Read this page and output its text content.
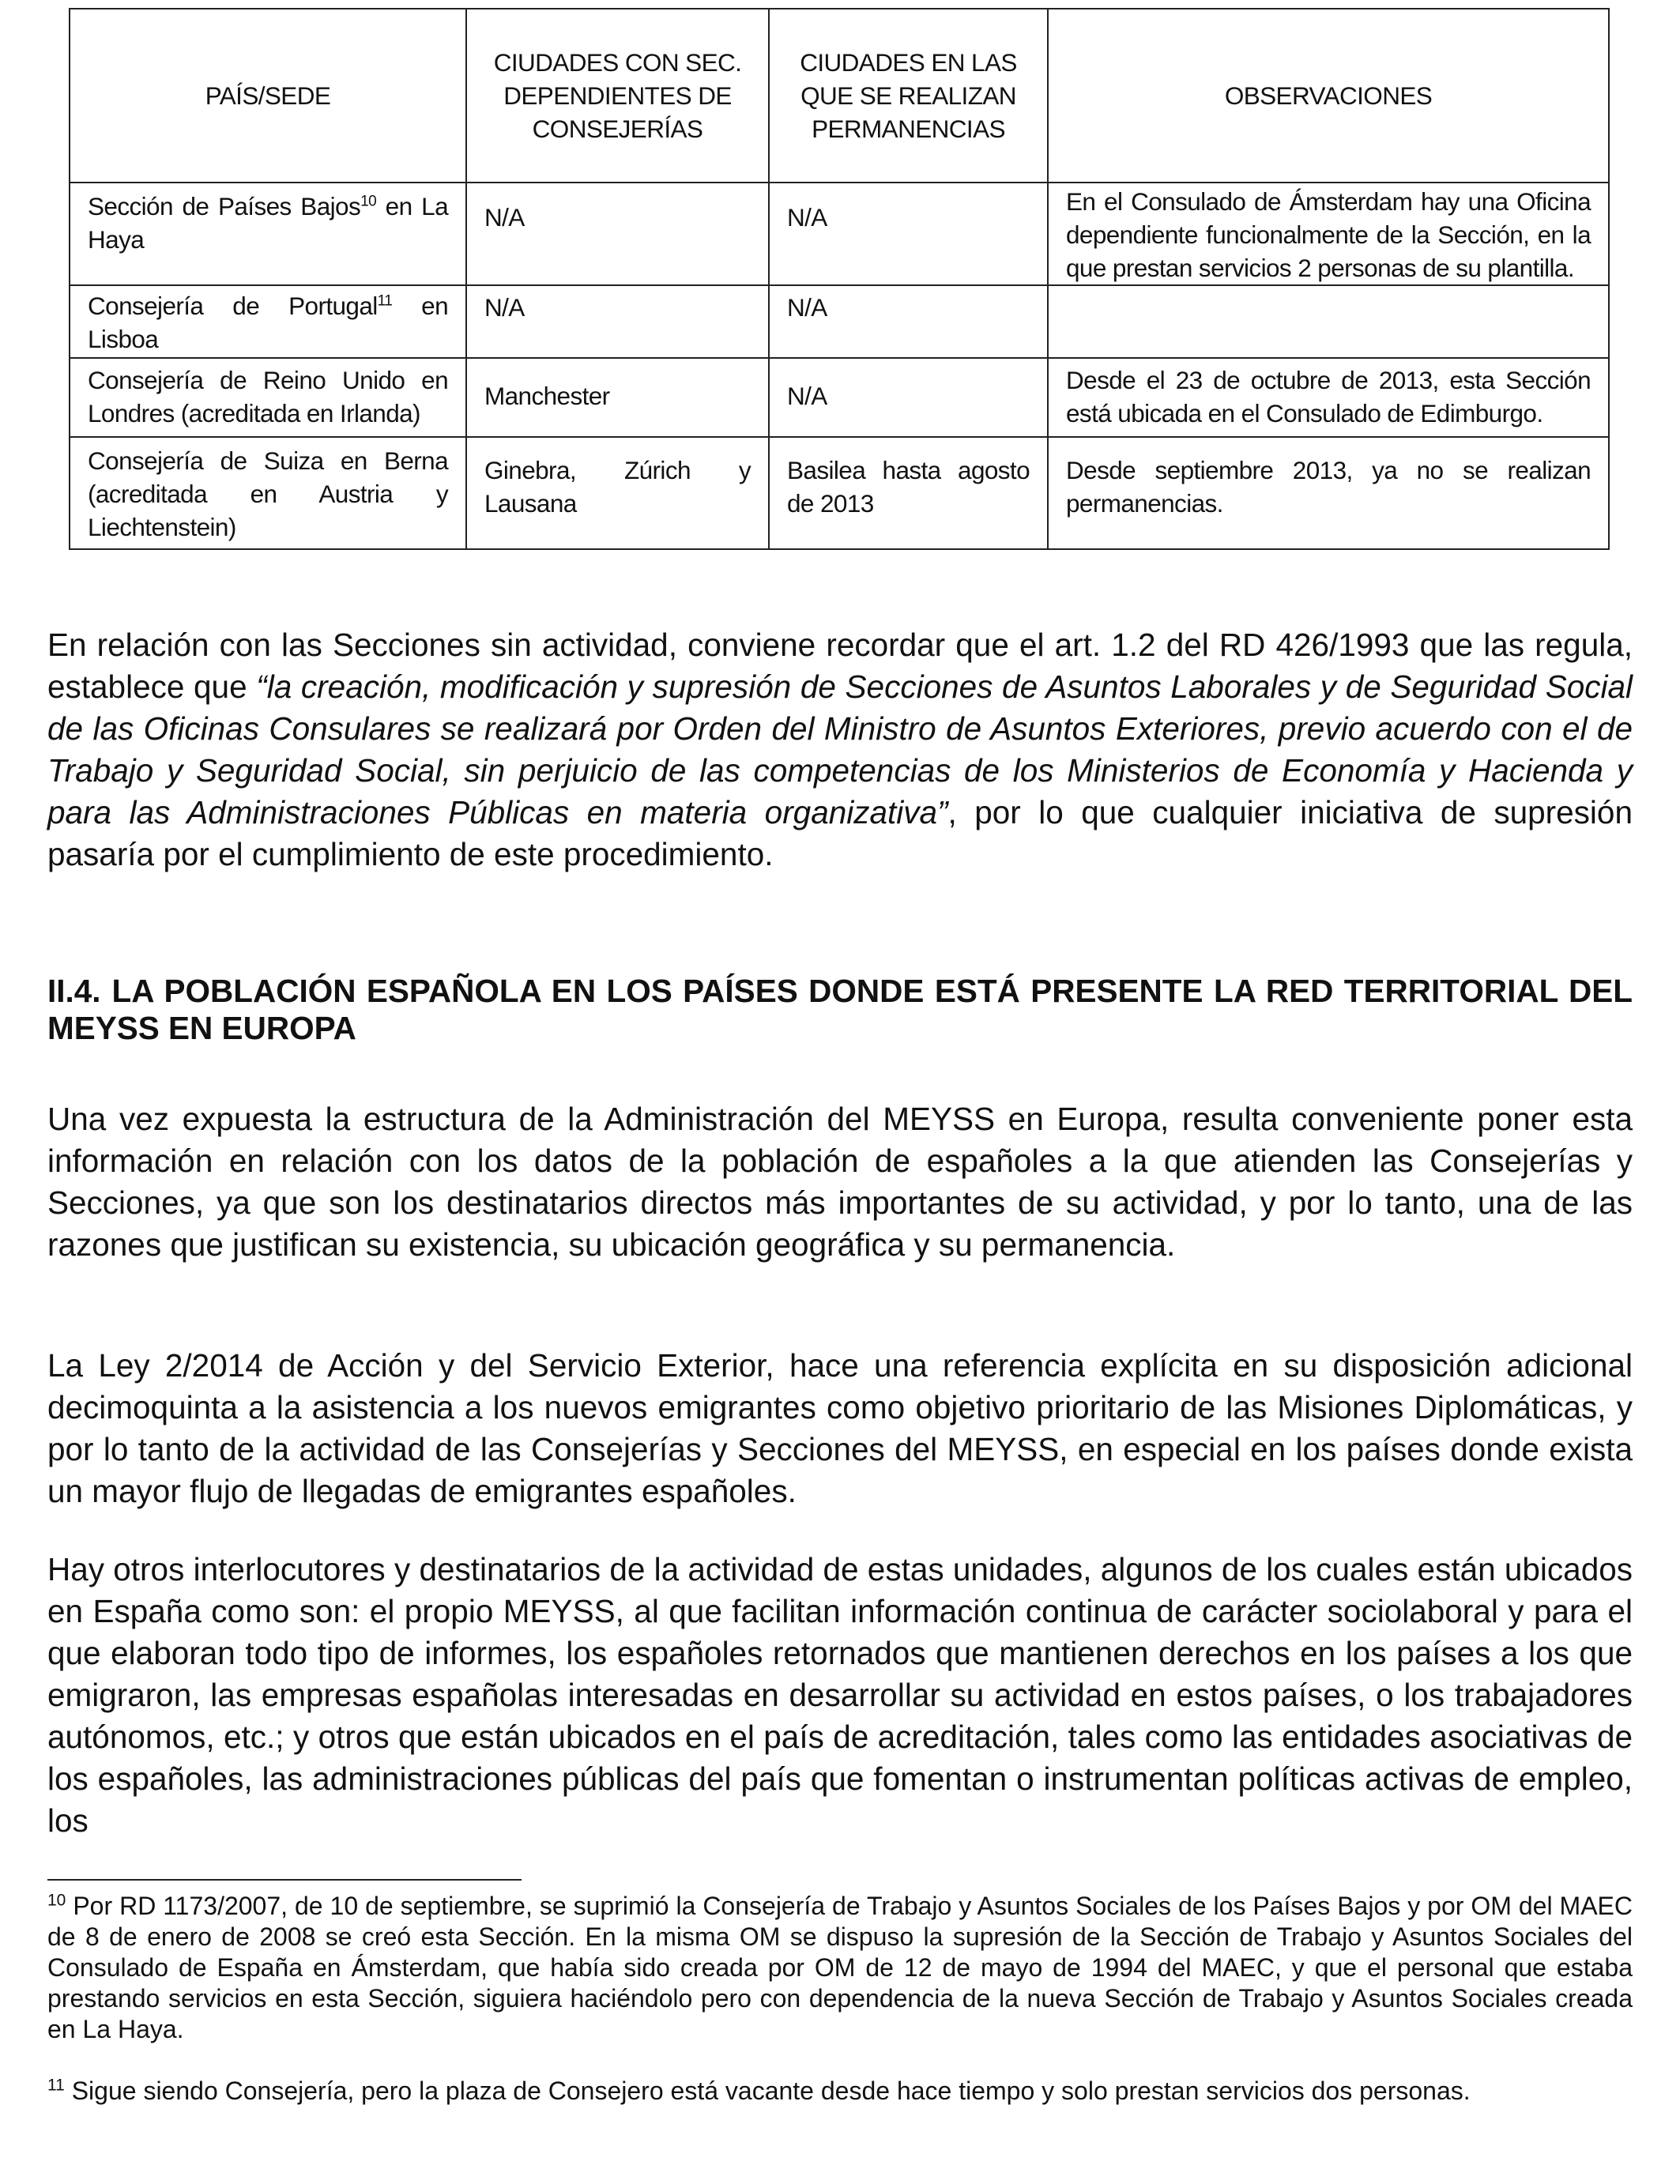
PAÍS/SEDE	CIUDADES CON SEC. DEPENDIENTES DE CONSEJERÍAS	CIUDADES EN LAS QUE SE REALIZAN PERMANENCIAS	OBSERVACIONES
Sección de Países Bajos$^{10}$ en La Haya	N/A	N/A	En el Consulado de Ámsterdam hay una Oficina dependiente funcionalmente de la Sección, en la que prestan servicios 2 personas de su plantilla.
Consejería de Portugal$^{11}$ en Lisboa	N/A	N/A	
Consejería de Reino Unido en Londres (acreditada en Irlanda)	Manchester	N/A	Desde el 23 de octubre de 2013, esta Sección está ubicada en el Consulado de Edimburgo.
Consejería de Suiza en Berna (acreditada en Austria y Liechtenstein)	Ginebra, Zúrich y Lausana	Basilea hasta agosto de 2013	Desde septiembre 2013, ya no se realizan permanencias.

En relación con las Secciones sin actividad, conviene recordar que el art. 1.2 del RD 426/1993 que las regula, establece que “la creación, modificación y supresión de Secciones de Asuntos Laborales y de Seguridad Social de las Oficinas Consulares se realizará por Orden del Ministro de Asuntos Exteriores, previo acuerdo con el de Trabajo y Seguridad Social, sin perjuicio de las competencias de los Ministerios de Economía y Hacienda y para las Administraciones Públicas en materia organizativa”, por lo que cualquier iniciativa de supresión pasaría por el cumplimiento de este procedimiento.

II.4. LA POBLACIÓN ESPAÑOLA EN LOS PAÍSES DONDE ESTÁ PRESENTE LA RED TERRITORIAL DEL MEYSS EN EUROPA

Una vez expuesta la estructura de la Administración del MEYSS en Europa, resulta conveniente poner esta información en relación con los datos de la población de españoles a la que atienden las Consejerías y Secciones, ya que son los destinatarios directos más importantes de su actividad, y por lo tanto, una de las razones que justifican su existencia, su ubicación geográfica y su permanencia.

La Ley 2/2014 de Acción y del Servicio Exterior, hace una referencia explícita en su disposición adicional decimoquinta a la asistencia a los nuevos emigrantes como objetivo prioritario de las Misiones Diplomáticas, y por lo tanto de la actividad de las Consejerías y Secciones del MEYSS, en especial en los países donde exista un mayor flujo de llegadas de emigrantes españoles.

Hay otros interlocutores y destinatarios de la actividad de estas unidades, algunos de los cuales están ubicados en España como son: el propio MEYSS, al que facilitan información continua de carácter sociolaboral y para el que elaboran todo tipo de informes, los españoles retornados que mantienen derechos en los países a los que emigraron, las empresas españolas interesadas en desarrollar su actividad en estos países, o los trabajadores autónomos, etc.; y otros que están ubicados en el país de acreditación, tales como las entidades asociativas de los españoles, las administraciones públicas del país que fomentan o instrumentan políticas activas de empleo, los

$^{10}$ Por RD 1173/2007, de 10 de septiembre, se suprimió la Consejería de Trabajo y Asuntos Sociales de los Países Bajos y por OM del MAEC de 8 de enero de 2008 se creó esta Sección. En la misma OM se dispuso la supresión de la Sección de Trabajo y Asuntos Sociales del Consulado de España en Ámsterdam, que había sido creada por OM de 12 de mayo de 1994 del MAEC, y que el personal que estaba prestando servicios en esta Sección, siguiera haciéndolo pero con dependencia de la nueva Sección de Trabajo y Asuntos Sociales creada en La Haya.

$^{11}$ Sigue siendo Consejería, pero la plaza de Consejero está vacante desde hace tiempo y solo prestan servicios dos personas.
